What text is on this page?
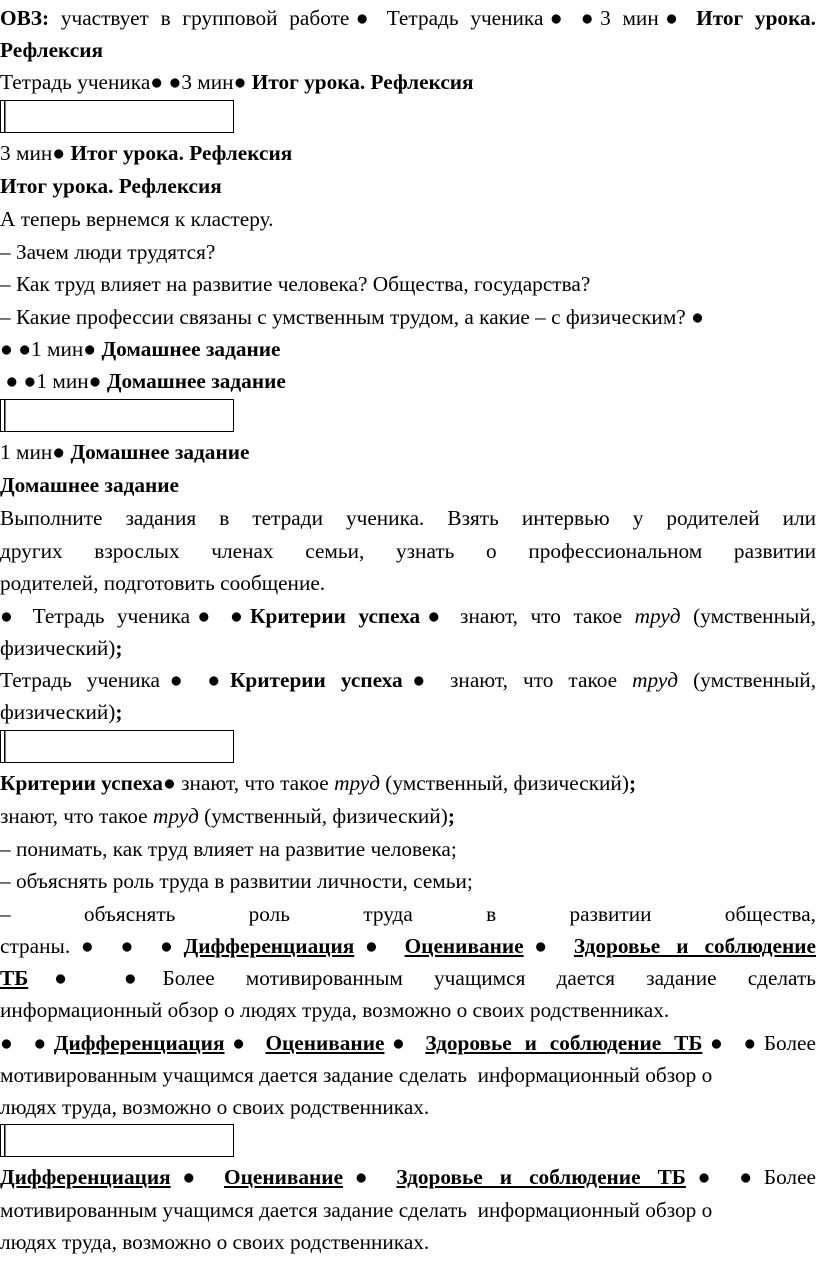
ОВЗ: участвует в групповой работе● Тетрадь ученика● ●3 мин● Итог урока.
Рефлексия
Тетрадь ученика● ●3 мин● Итог урока. Рефлексия
3 мин● Итог урока. Рефлексия
Итог урока. Рефлексия
А теперь вернемся к кластеру.
– Зачем люди трудятся?
– Как труд влияет на развитие человека? Общества, государства?
– Какие профессии связаны с умственным трудом, а какие – с физическим? ●
● ●1 мин● Домашнее задание
● ●1 мин● Домашнее задание
1 мин● Домашнее задание
Домашнее задание
Выполните задания в тетради ученика. Взять интервью у родителей или
других взрослых членах семьи, узнать о профессиональном развитии
родителей, подготовить сообщение.
● Тетрадь ученика● ●Критерии успеха● знают, что такое труд (умственный,
физический);
Тетрадь ученика● ●Критерии успеха● знают, что такое труд (умственный,
физический);
Критерии успеха● знают, что такое труд (умственный, физический);
знают, что такое труд (умственный, физический);
– понимать, как труд влияет на развитие человека;
– объяснять роль труда в развитии личности, семьи;
– объяснять роль труда в развитии общества,
страны.● ● ●Дифференциация● Оценивание● Здоровье и соблюдение
ТБ● ●Более мотивированным учащимся дается задание сделать
информационный обзор о людях труда, возможно о своих родственниках.
● ●Дифференциация● Оценивание● Здоровье и соблюдение ТБ● ●Более
мотивированным учащимся дается задание сделать  информационный обзор о
людях труда, возможно о своих родственниках.
Дифференциация● Оценивание● Здоровье и соблюдение ТБ● ●Более
мотивированным учащимся дается задание сделать  информационный обзор о
людях труда, возможно о своих родственниках.
